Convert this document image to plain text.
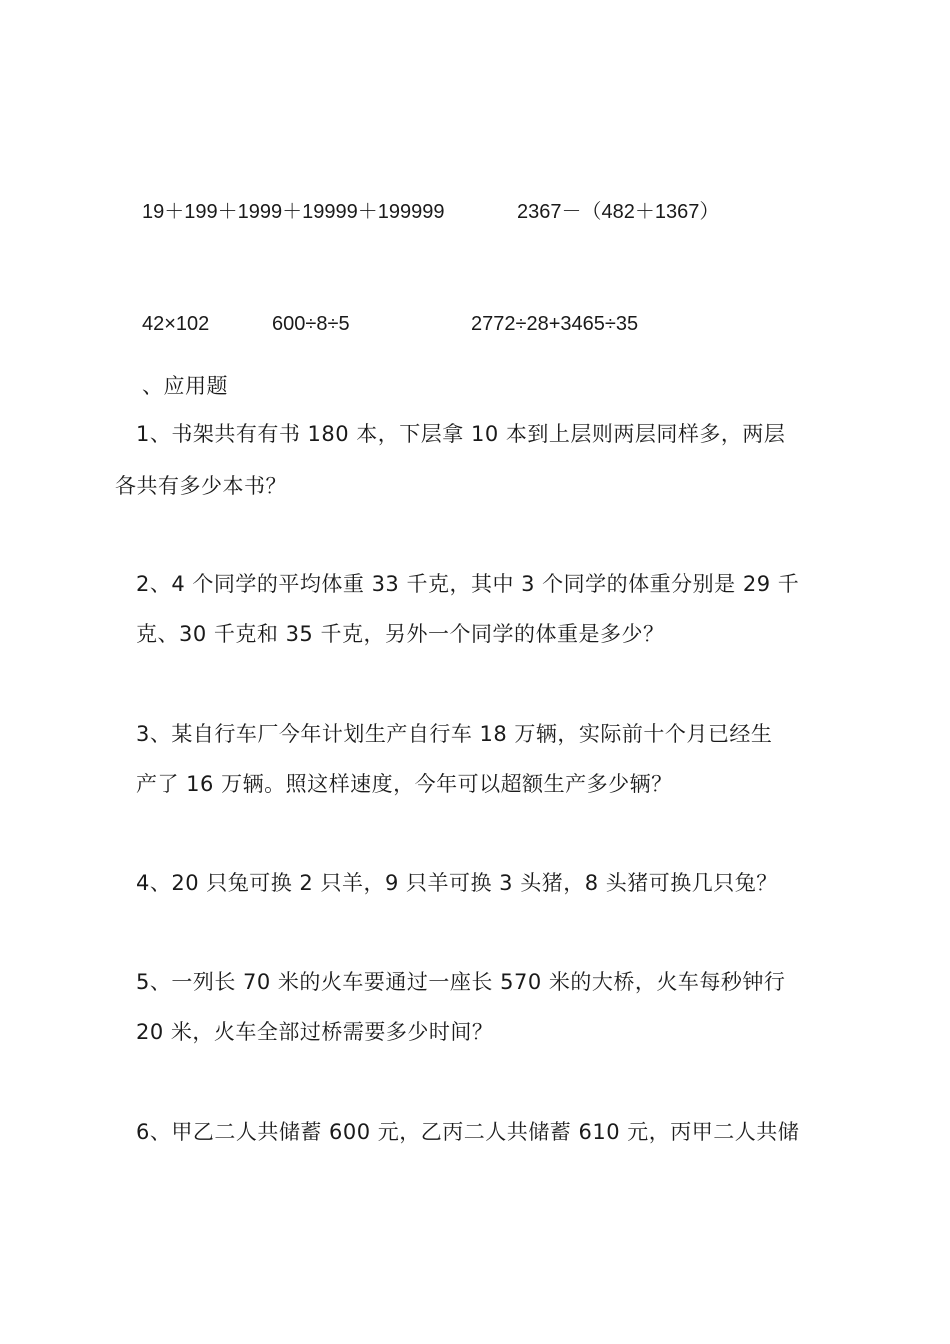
19＋199＋1999＋19999＋199999	2367－（482＋1367）
42×102	600÷8÷5	2772÷28+3465÷35
、应用题
1、书架共有有书 180 本，下层拿 10 本到上层则两层同样多，两层
各共有多少本书？
2、4 个同学的平均体重 33 千克，其中 3 个同学的体重分别是 29 千
克、30 千克和 35 千克，另外一个同学的体重是多少？
3、某自行车厂今年计划生产自行车 18 万辆，实际前十个月已经生
产了 16 万辆。照这样速度，今年可以超额生产多少辆？
4、20 只兔可换 2 只羊，9 只羊可换 3 头猪，8 头猪可换几只兔？
5、一列长 70 米的火车要通过一座长 570 米的大桥，火车每秒钟行
20 米，火车全部过桥需要多少时间？
6、甲乙二人共储蓄 600 元，乙丙二人共储蓄 610 元，丙甲二人共储
